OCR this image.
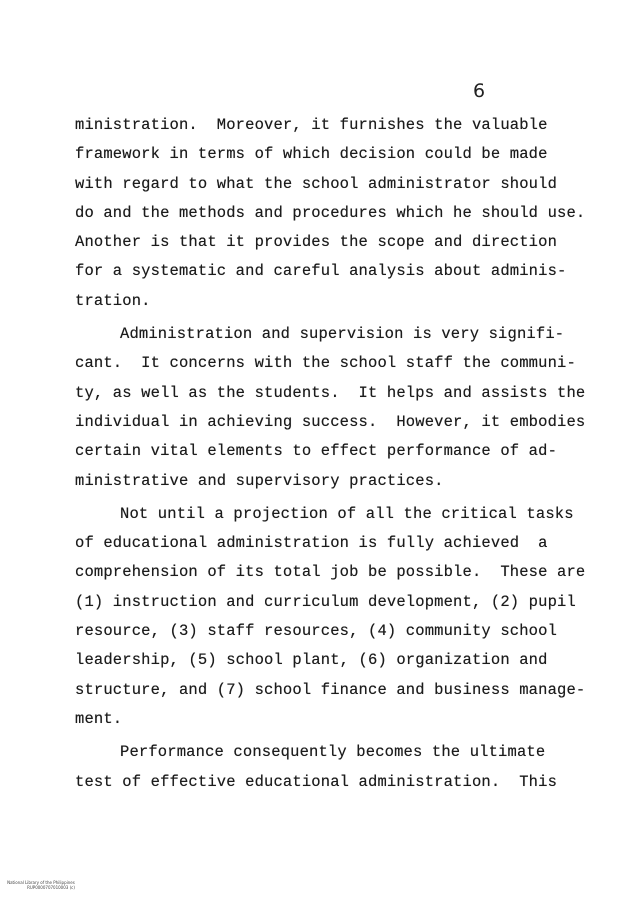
6
ministration.  Moreover, it furnishes the valuable
framework in terms of which decision could be made
with regard to what the school administrator should
do and the methods and procedures which he should use.
Another is that it provides the scope and direction
for a systematic and careful analysis about adminis-
tration.
Administration and supervision is very signifi-
cant.  It concerns with the school staff the communi-
ty, as well as the students.  It helps and assists the
individual in achieving success.  However, it embodies
certain vital elements to effect performance of ad-
ministrative and supervisory practices.
Not until a projection of all the critical tasks
of educational administration is fully achieved  a
comprehension of its total job be possible.  These are
(1) instruction and curriculum development, (2) pupil
resource, (3) staff resources, (4) community school
leadership, (5) school plant, (6) organization and
structure, and (7) school finance and business manage-
ment.
Performance consequently becomes the ultimate
test of effective educational administration.  This

National Library of the Philippines
RUP0000707010003 (c)
